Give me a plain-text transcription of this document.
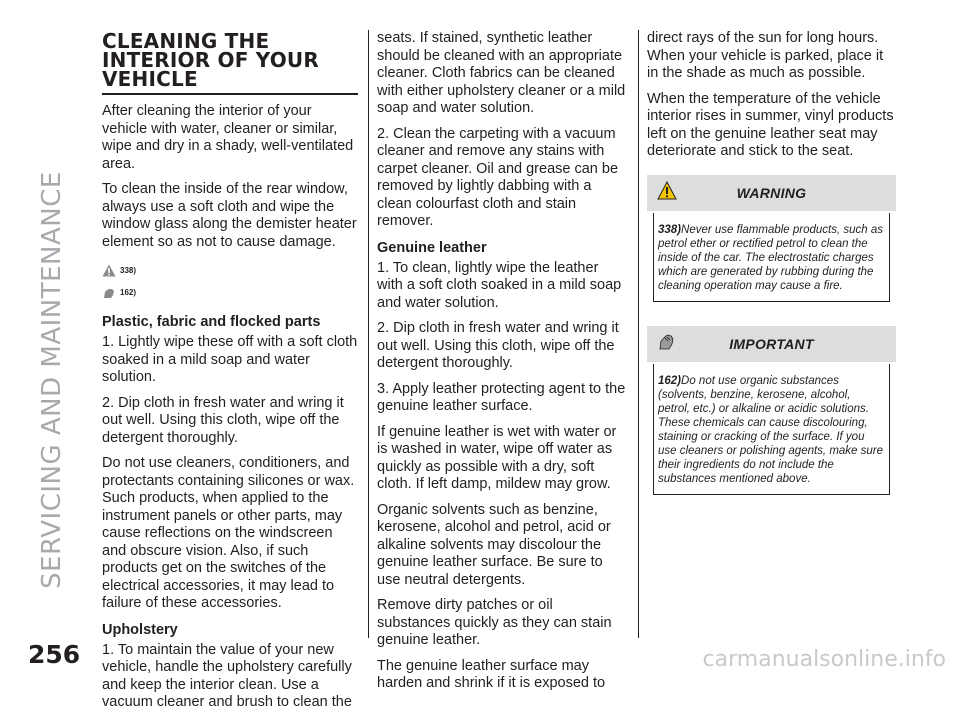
SERVICING AND MAINTENANCE
256	carmanualsonline.info
CLEANING THE
INTERIOR OF YOUR
VEHICLE

After cleaning the interior of your vehicle with water, cleaner or similar, wipe and dry in a shady, well-ventilated area.

To clean the inside of the rear window, always use a soft cloth and wipe the window glass along the demister heater element so as not to cause damage.

338)
162)
Plastic, fabric and flocked parts

1. Lightly wipe these off with a soft cloth soaked in a mild soap and water solution.

2. Dip cloth in fresh water and wring it out well. Using this cloth, wipe off the detergent thoroughly.

Do not use cleaners, conditioners, and protectants containing silicones or wax. Such products, when applied to the instrument panels or other parts, may cause reflections on the windscreen and obscure vision. Also, if such products get on the switches of the electrical accessories, it may lead to failure of these accessories.

Upholstery

1. To maintain the value of your new vehicle, handle the upholstery carefully and keep the interior clean. Use a vacuum cleaner and brush to clean the

seats. If stained, synthetic leather should be cleaned with an appropriate cleaner. Cloth fabrics can be cleaned with either upholstery cleaner or a mild soap and water solution.

2. Clean the carpeting with a vacuum cleaner and remove any stains with carpet cleaner. Oil and grease can be removed by lightly dabbing with a clean colourfast cloth and stain remover.

Genuine leather

1. To clean, lightly wipe the leather with a soft cloth soaked in a mild soap and water solution.

2. Dip cloth in fresh water and wring it out well. Using this cloth, wipe off the detergent thoroughly.

3. Apply leather protecting agent to the genuine leather surface.

If genuine leather is wet with water or is washed in water, wipe off water as quickly as possible with a dry, soft cloth. If left damp, mildew may grow.

Organic solvents such as benzine, kerosene, alcohol and petrol, acid or alkaline solvents may discolour the genuine leather surface. Be sure to use neutral detergents.

Remove dirty patches or oil substances quickly as they can stain genuine leather.

The genuine leather surface may harden and shrink if it is exposed to

direct rays of the sun for long hours. When your vehicle is parked, place it in the shade as much as possible.

When the temperature of the vehicle interior rises in summer, vinyl products left on the genuine leather seat may deteriorate and stick to the seat.

WARNING
338)Never use flammable products, such as petrol ether or rectified petrol to clean the inside of the car. The electrostatic charges which are generated by rubbing during the cleaning operation may cause a fire.
IMPORTANT
162)Do not use organic substances (solvents, benzine, kerosene, alcohol, petrol, etc.) or alkaline or acidic solutions. These chemicals can cause discolouring, staining or cracking of the surface. If you use cleaners or polishing agents, make sure their ingredients do not include the substances mentioned above.
